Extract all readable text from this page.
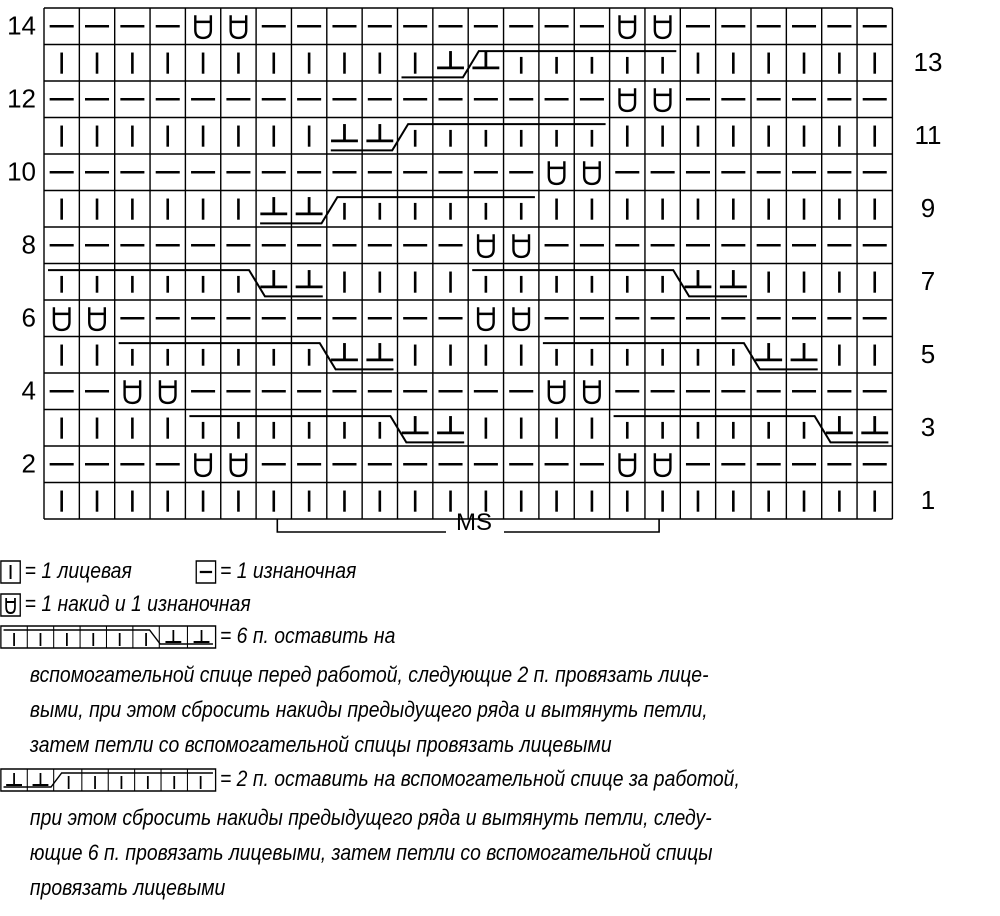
14
12
10
8
6
4
2
13
11
9
7
5
3
1
MS
= 1 лицевая	= 1 изнаночная
= 1 накид и 1 изнаночная
= 6 п. оставить на
вспомогательной спице перед работой, следующие 2 п. провязать лице-
выми, при этом сбросить накиды предыдущего ряда и вытянуть петли,
затем петли со вспомогательной спицы провязать лицевыми
= 2 п. оставить на вспомогательной спице за работой,
при этом сбросить накиды предыдущего ряда и вытянуть петли, следу-
ющие 6 п. провязать лицевыми, затем петли со вспомогательной спицы
провязать лицевыми
